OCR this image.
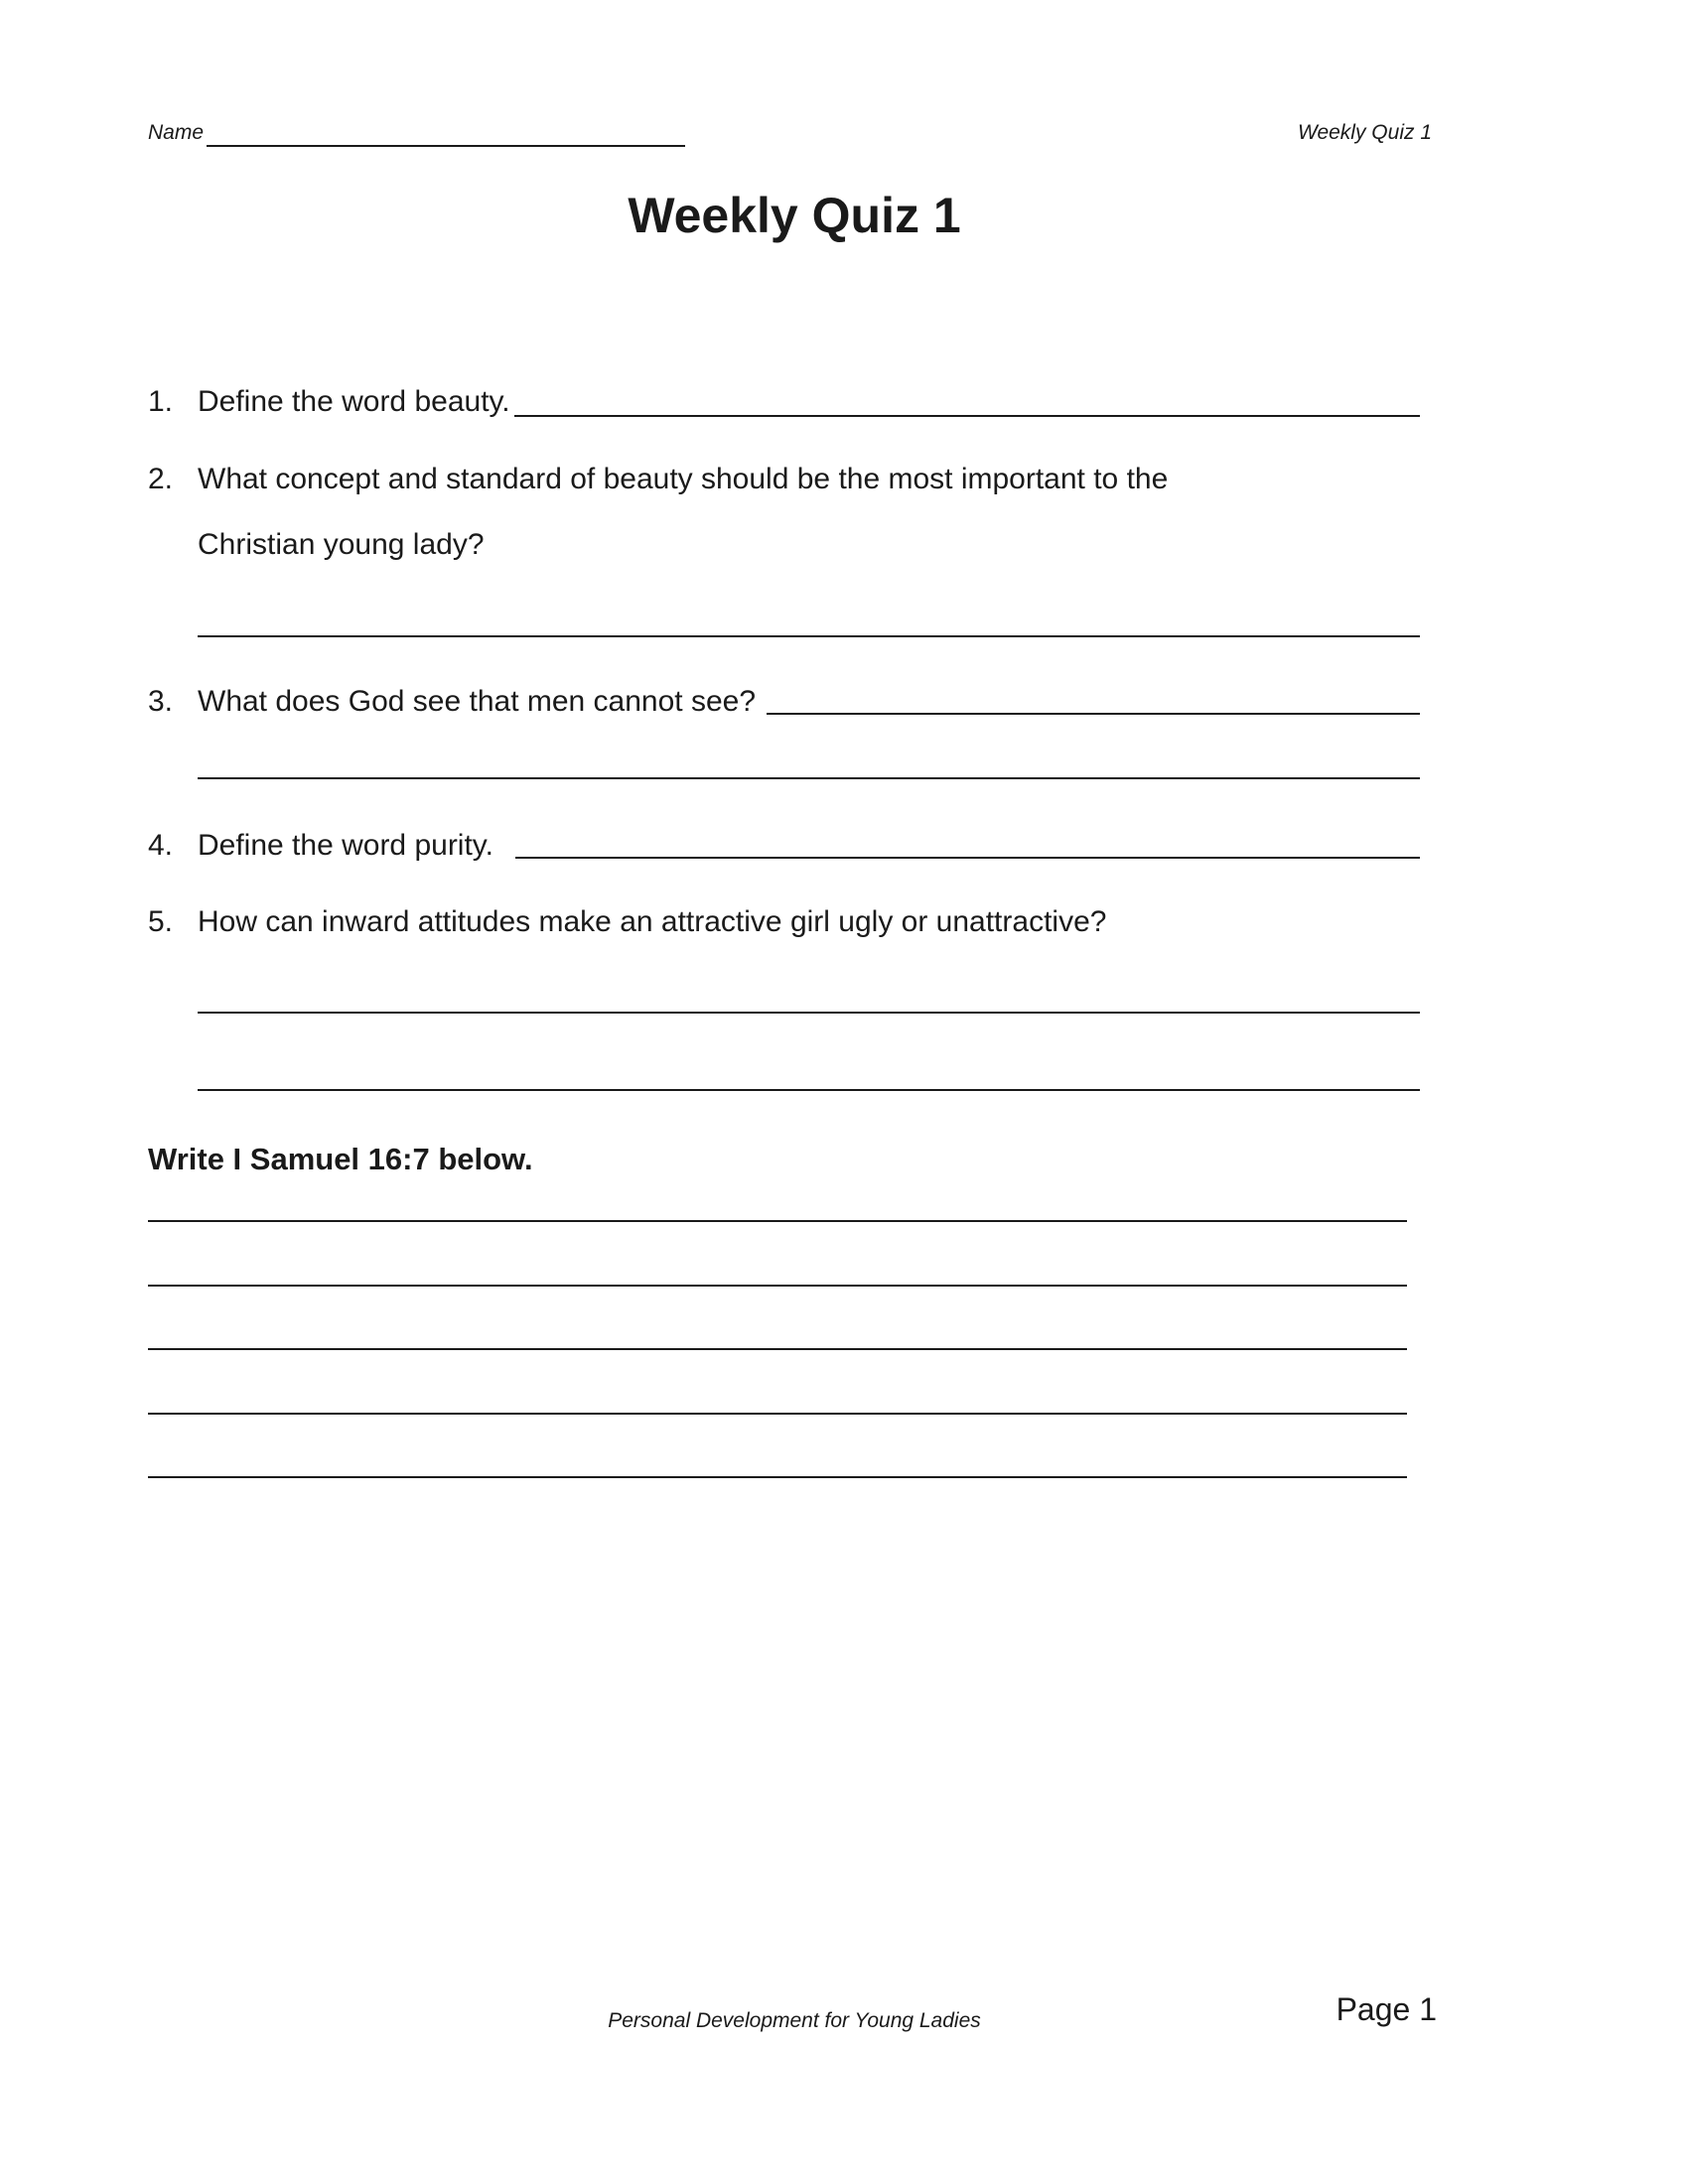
Name	Weekly Quiz 1
Weekly Quiz 1
1. Define the word beauty.
2. What concept and standard of beauty should be the most important to the
Christian young lady?
3. What does God see that men cannot see?
4. Define the word purity.
5. How can inward attitudes make an attractive girl ugly or unattractive?
Write I Samuel 16:7 below.
Personal Development for Young Ladies	Page 1
